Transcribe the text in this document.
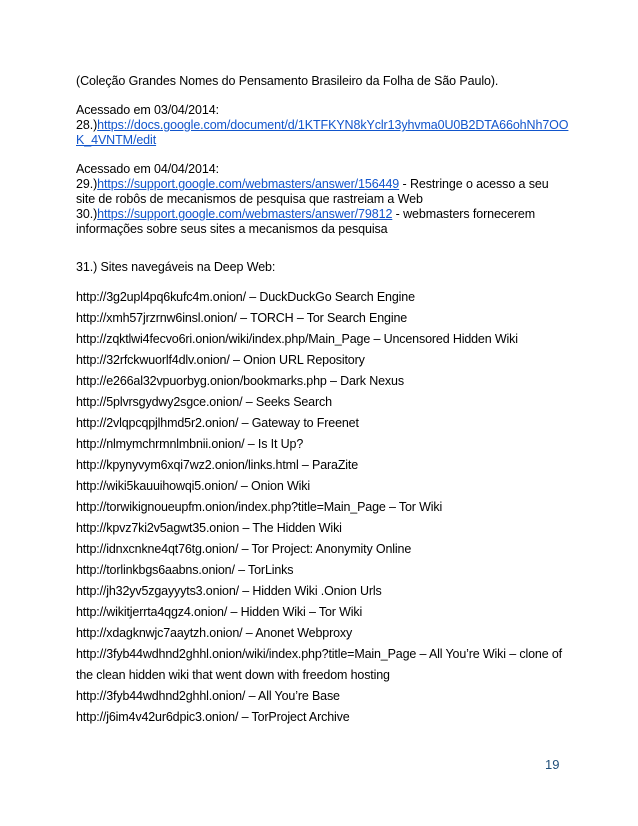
(Coleção Grandes Nomes do Pensamento Brasileiro da Folha de São Paulo).
Acessado em 03/04/2014:
28.)https://docs.google.com/document/d/1KTFKYN8kYclr13yhvma0U0B2DTA66ohNh7OO
K_4VNTM/edit
Acessado em 04/04/2014:
29.)https://support.google.com/webmasters/answer/156449 - Restringe o acesso a seu
site de robôs de mecanismos de pesquisa que rastreiam a Web
30.)https://support.google.com/webmasters/answer/79812 - webmasters fornecerem
informações sobre seus sites a mecanismos da pesquisa
31.) Sites navegáveis na Deep Web:
http://3g2upl4pq6kufc4m.onion/ – DuckDuckGo Search Engine
http://xmh57jrzrnw6insl.onion/ – TORCH – Tor Search Engine
http://zqktlwi4fecvo6ri.onion/wiki/index.php/Main_Page – Uncensored Hidden Wiki
http://32rfckwuorlf4dlv.onion/ – Onion URL Repository
http://e266al32vpuorbyg.onion/bookmarks.php – Dark Nexus
http://5plvrsgydwy2sgce.onion/ – Seeks Search
http://2vlqpcqpjlhmd5r2.onion/ – Gateway to Freenet
http://nlmymchrmnlmbnii.onion/ – Is It Up?
http://kpynyvym6xqi7wz2.onion/links.html – ParaZite
http://wiki5kauuihowqi5.onion/ – Onion Wiki
http://torwikignoueupfm.onion/index.php?title=Main_Page – Tor Wiki
http://kpvz7ki2v5agwt35.onion – The Hidden Wiki
http://idnxcnkne4qt76tg.onion/ – Tor Project: Anonymity Online
http://torlinkbgs6aabns.onion/ – TorLinks
http://jh32yv5zgayyyts3.onion/ – Hidden Wiki .Onion Urls
http://wikitjerrta4qgz4.onion/ – Hidden Wiki – Tor Wiki
http://xdagknwjc7aaytzh.onion/ – Anonet Webproxy
http://3fyb44wdhnd2ghhl.onion/wiki/index.php?title=Main_Page – All You’re Wiki – clone of
the clean hidden wiki that went down with freedom hosting
http://3fyb44wdhnd2ghhl.onion/ – All You’re Base
http://j6im4v42ur6dpic3.onion/ – TorProject Archive
19
